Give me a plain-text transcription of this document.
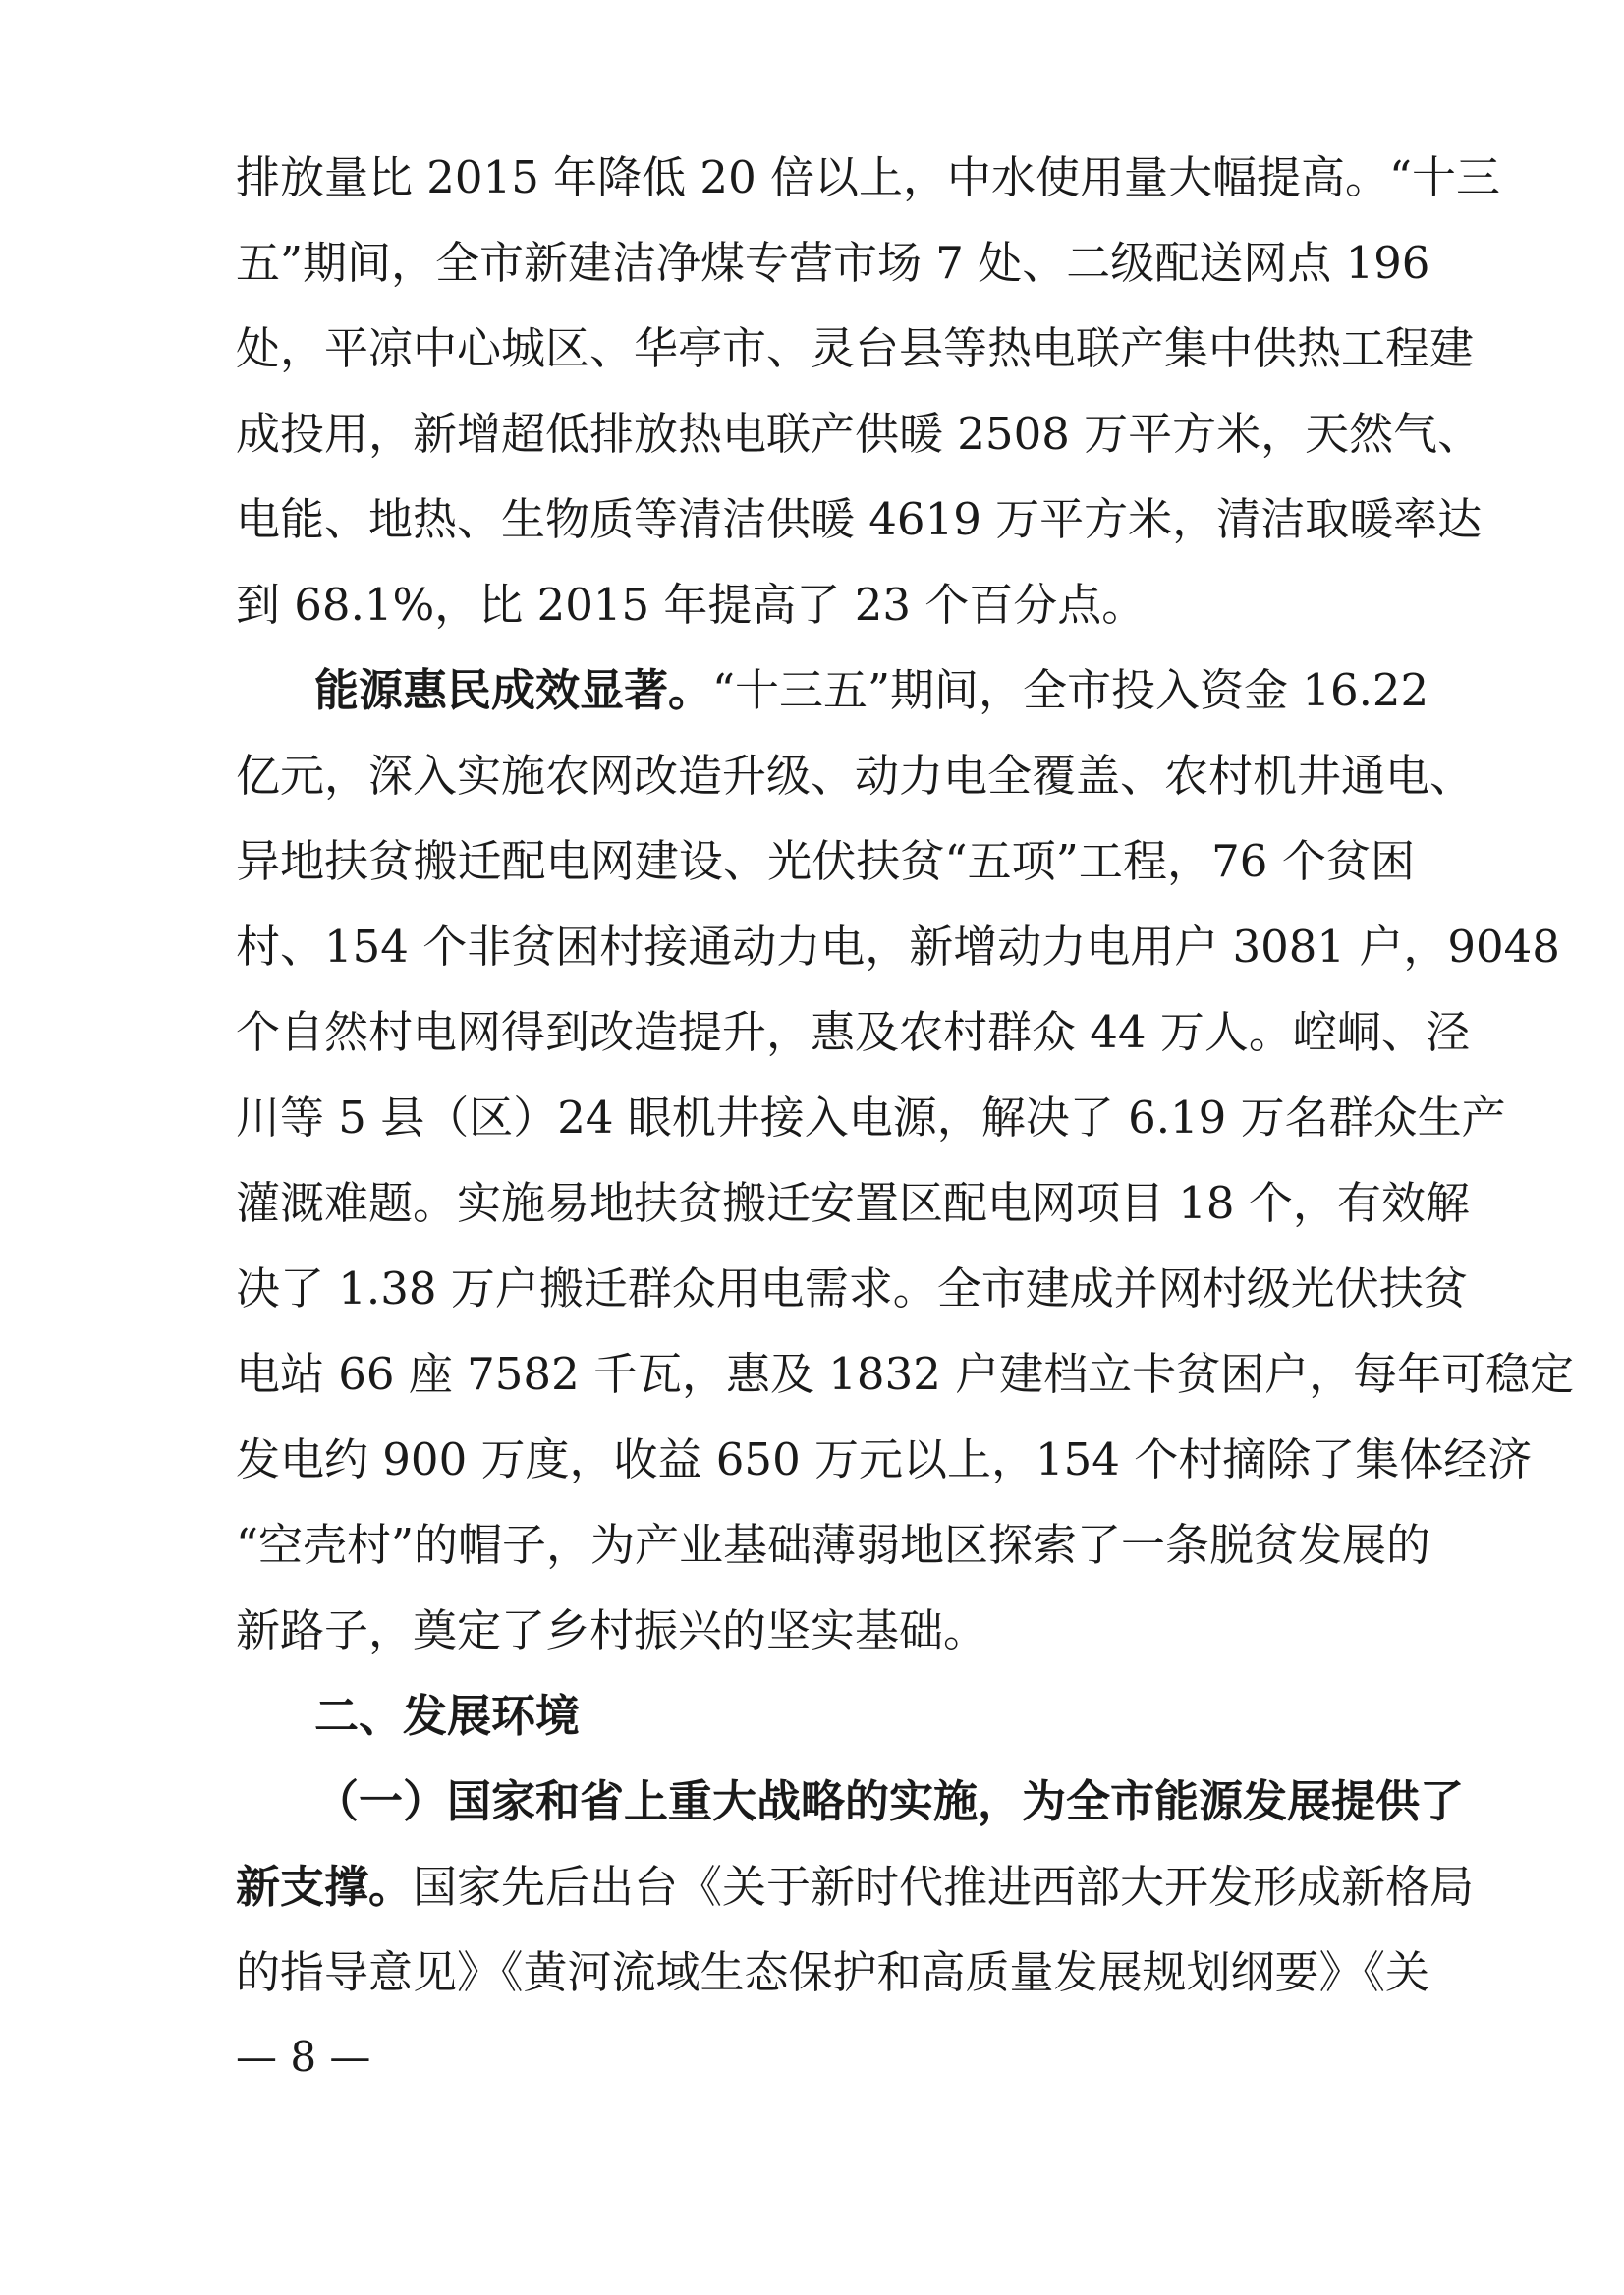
排放量比 2015 年降低 20 倍以上，中水使用量大幅提高。“十三

五”期间，全市新建洁净煤专营市场 7 处、二级配送网点 196

处，平凉中心城区、华亭市、灵台县等热电联产集中供热工程建

成投用，新增超低排放热电联产供暖 2508 万平方米，天然气、

电能、地热、生物质等清洁供暖 4619 万平方米，清洁取暖率达

到 68.1%，比 2015 年提高了 23 个百分点。

能源惠民成效显著。“十三五”期间，全市投入资金 16.22

亿元，深入实施农网改造升级、动力电全覆盖、农村机井通电、

异地扶贫搬迁配电网建设、光伏扶贫“五项”工程，76 个贫困

村、154 个非贫困村接通动力电，新增动力电用户 3081 户，9048

个自然村电网得到改造提升，惠及农村群众 44 万人。崆峒、泾

川等 5 县（区）24 眼机井接入电源，解决了 6.19 万名群众生产

灌溉难题。实施易地扶贫搬迁安置区配电网项目 18 个，有效解

决了 1.38 万户搬迁群众用电需求。全市建成并网村级光伏扶贫

电站 66 座 7582 千瓦，惠及 1832 户建档立卡贫困户，每年可稳定

发电约 900 万度，收益 650 万元以上，154 个村摘除了集体经济

“空壳村”的帽子，为产业基础薄弱地区探索了一条脱贫发展的

新路子，奠定了乡村振兴的坚实基础。

二、发展环境

（一）国家和省上重大战略的实施，为全市能源发展提供了

新支撑。国家先后出台《关于新时代推进西部大开发形成新格局

的指导意见》《黄河流域生态保护和高质量发展规划纲要》《关

— 8 —
